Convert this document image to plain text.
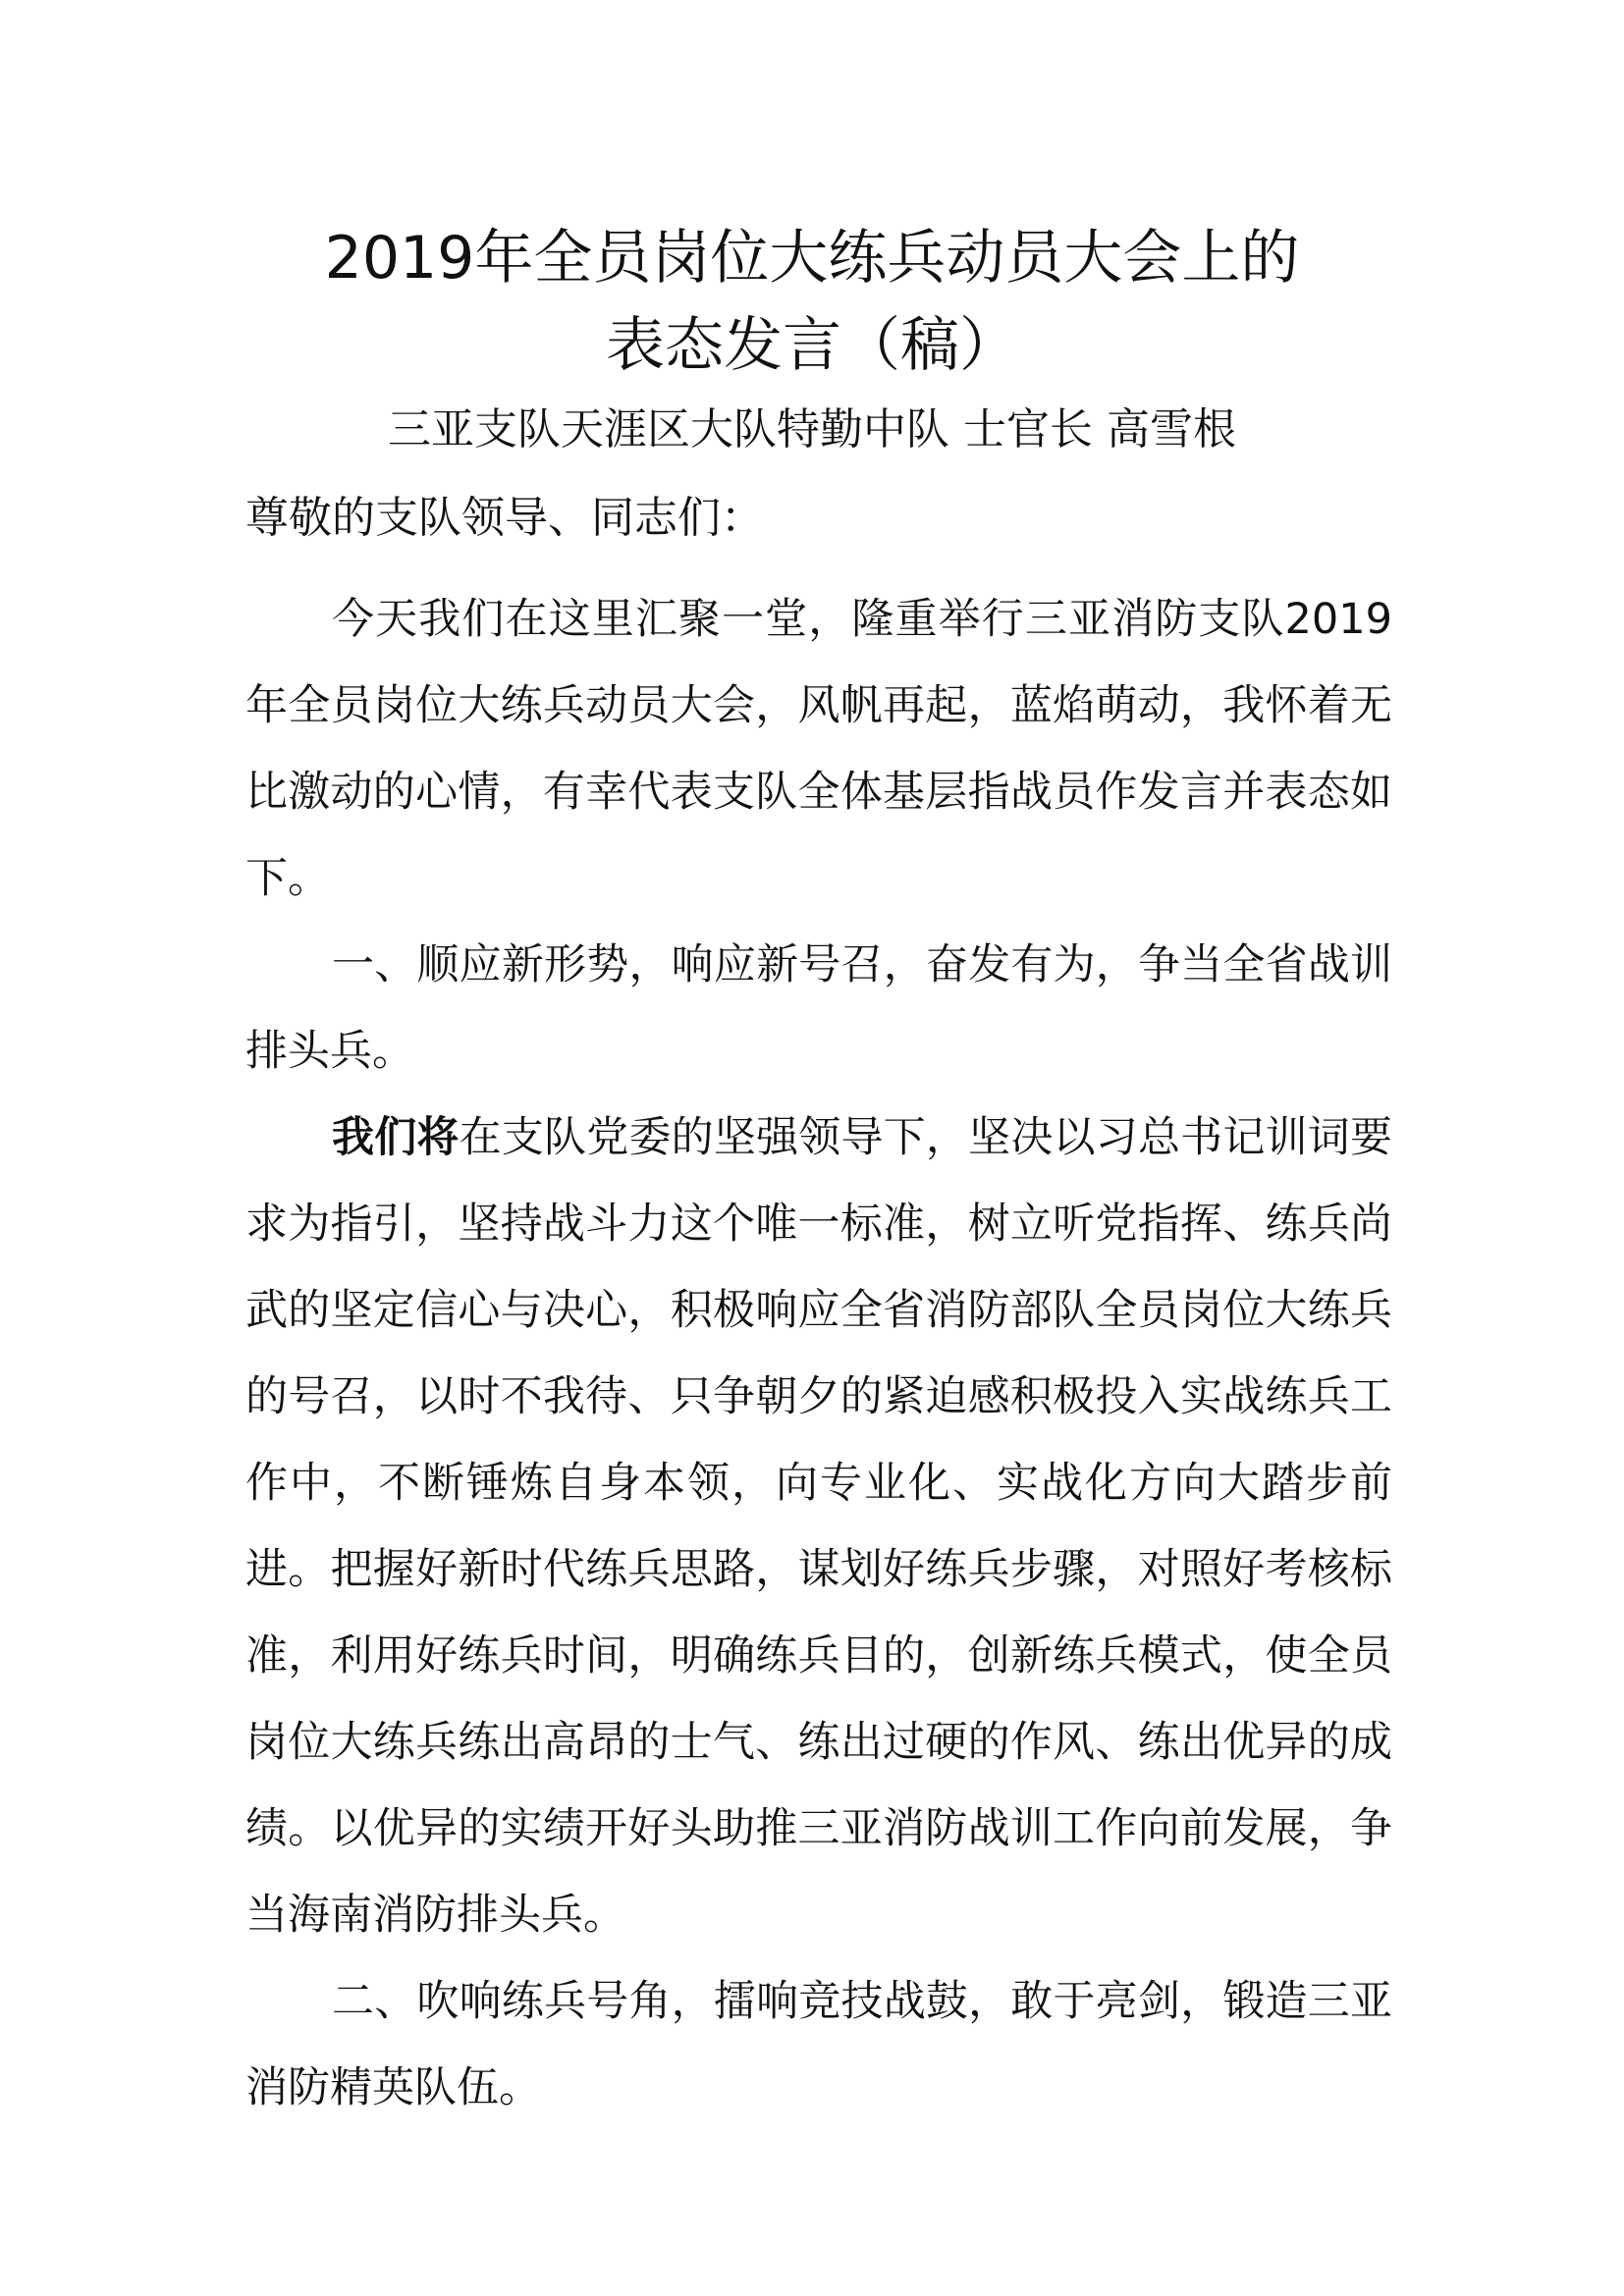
2019年全员岗位大练兵动员大会上的
表态发言（稿）

三亚支队天涯区大队特勤中队 士官长 高雪根

尊敬的支队领导、同志们：

今天我们在这里汇聚一堂，隆重举行三亚消防支队2019年全员岗位大练兵动员大会，风帆再起，蓝焰萌动，我怀着无比激动的心情，有幸代表支队全体基层指战员作发言并表态如下。

一、顺应新形势，响应新号召，奋发有为，争当全省战训排头兵。

我们将在支队党委的坚强领导下，坚决以习总书记训词要求为指引，坚持战斗力这个唯一标准，树立听党指挥、练兵尚武的坚定信心与决心，积极响应全省消防部队全员岗位大练兵的号召，以时不我待、只争朝夕的紧迫感积极投入实战练兵工作中，不断锤炼自身本领，向专业化、实战化方向大踏步前进。把握好新时代练兵思路，谋划好练兵步骤，对照好考核标准，利用好练兵时间，明确练兵目的，创新练兵模式，使全员岗位大练兵练出高昂的士气、练出过硬的作风、练出优异的成绩。以优异的实绩开好头助推三亚消防战训工作向前发展，争当海南消防排头兵。

二、吹响练兵号角，擂响竞技战鼓，敢于亮剑，锻造三亚消防精英队伍。
